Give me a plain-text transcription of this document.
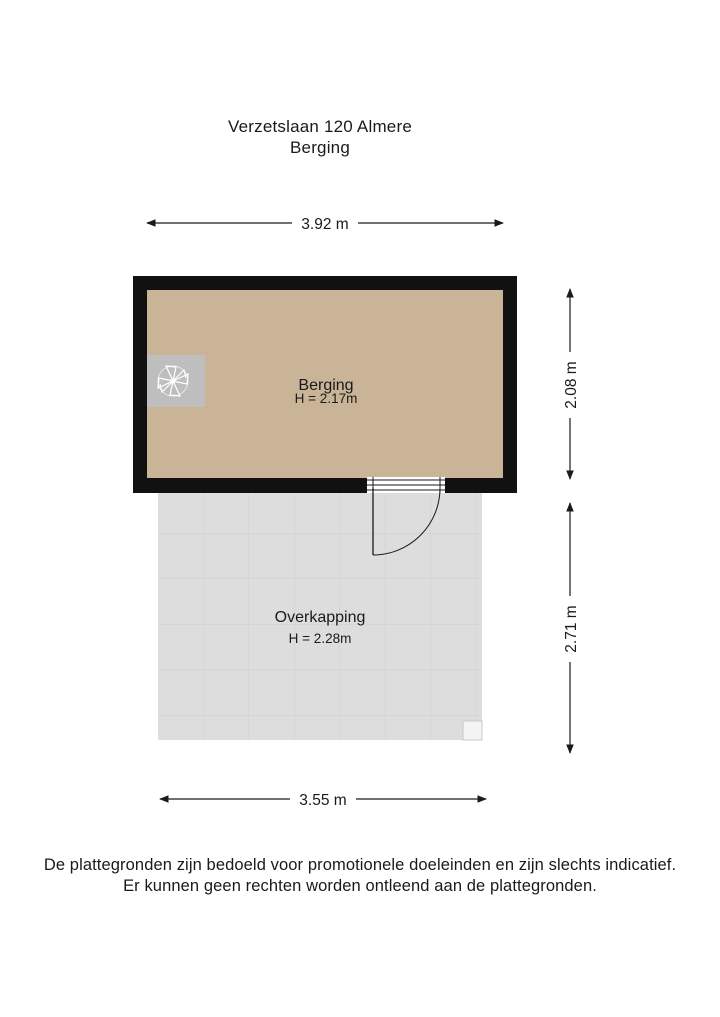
Verzetslaan 120 Almere
Berging
Overkapping
H = 2.28m
Berging
H = 2.17m
3.92 m
2.08 m
2.71 m
3.55 m
De plattegronden zijn bedoeld voor promotionele doeleinden en zijn slechts indicatief.
Er kunnen geen rechten worden ontleend aan de plattegronden.
